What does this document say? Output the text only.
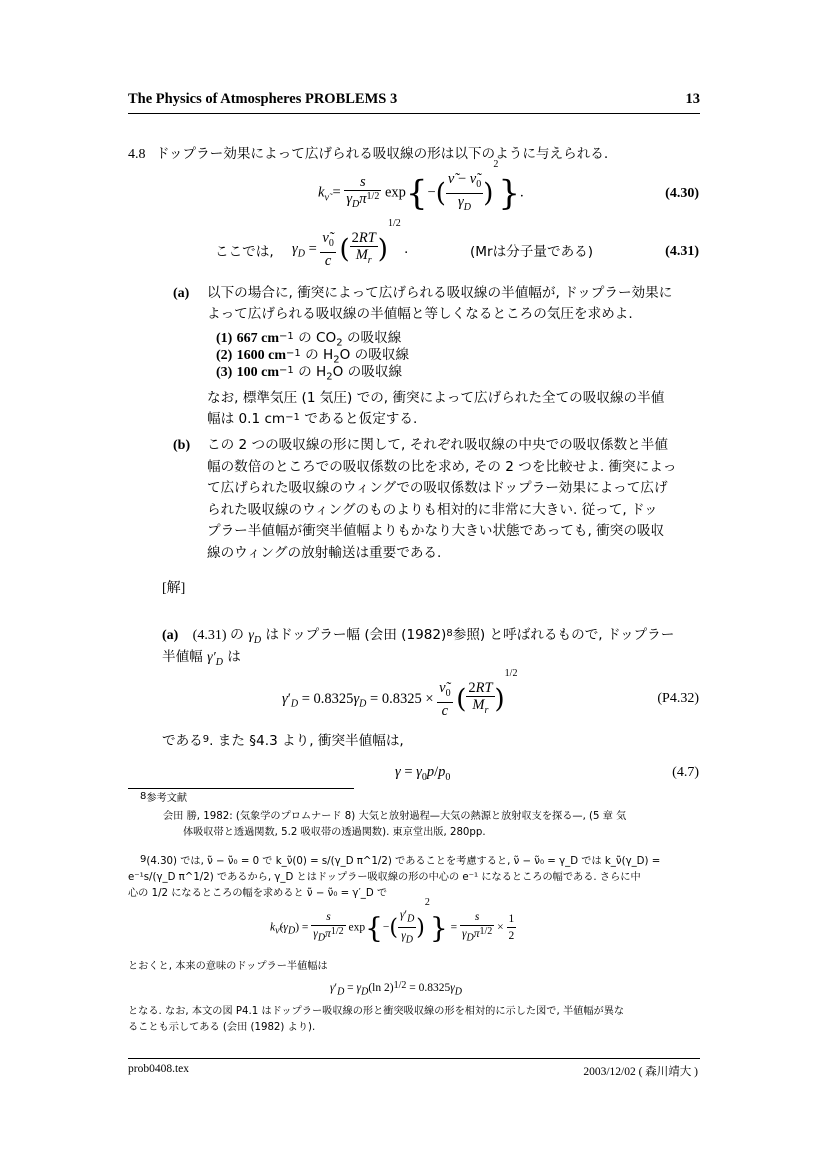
The Physics of Atmospheres PROBLEMS 3	13
4.8 ドップラー効果によって広げられる吸収線の形は以下のように与えられる.
$k_{\nũ} = \frac{s}{\gamma_D\pi^{1/2}} \exp\{-( \frac{\nũ - \nũ_0}{\gamma_D} )^2\}$.	(4.30)
ここでは, $\gamma_D = \frac{\nũ_0}{c}$ ( $\frac{2RT}{M_r} )^{1/2}$ .	(Mrは分子量である)	(4.31)
(a) 以下の場合に, 衝突によって広げられる吸収線の半値幅が, ドップラー効果に
よって広げられる吸収線の半値幅と等しくなるところの気圧を求めよ.
(1) 667 $cm^{-1}$ の $CO_2$ の吸収線
(2) 1600 $cm^{-1}$ の $H_2O$ の吸収線
(3) 100 $cm^{-1}$ の $H_2O$ の吸収線
なお, 標準気圧 (1 気圧) での, 衝突によって広げられた全ての吸収線の半値
幅は 0.1 $cm^{-1}$ であると仮定する.
(b) この 2 つの吸収線の形に関して, それぞれ吸収線の中央での吸収係数と半値
幅の数倍のところでの吸収係数の比を求め, その 2 つを比較せよ. 衝突によっ
て広げられた吸収線のウィングでの吸収係数はドップラー効果によって広げ
られた吸収線のウィングのものよりも相対的に非常に大きい. 従って, ドッ
プラー半値幅が衝突半値幅よりもかなり大きい状態であっても, 衝突の吸収
線のウィングの放射輸送は重要である.
[解]
(a) (4.31) の $\gamma_D$ はドップラー幅 (会田 $(1982)^8$参照) と呼ばれるもので, ドップラー
半値幅 $\gamma'_D$ は
$\gamma'_D = 0.8325\gamma_D = 0.8325 \times \frac{\nũ_0}{c}$ ( $\frac{2RT}{M_r} )^{1/2}$
(P4.32)
である$^9$. また §4.3 より, 衝突半値幅は,
$\gamma = \gamma_0p/p_0$	(4.7)
$^8$参考文献
会田 勝, 1982: (気象学のプロムナード 8) 大気と放射過程—大気の熱源と放射収支を探る—, (5 章 気
体吸収帯と透過関数, 5.2 吸収帯の透過関数). 東京堂出版, 280pp.
$^9$(4.30) では, ν̃ − ν̃₀ = 0 で k_ν̃(0) = s/(γ_D π^1/2) であることを考慮すると, ν̃ − ν̃₀ = γ_D では k_ν̃(γ_D) =
e⁻¹s/(γ_D π^1/2) であるから, γ_D とはドップラー吸収線の形の中心の e⁻¹ になるところの幅である. さらに中
心の 1/2 になるところの幅を求めると ν̃ − ν̃₀ = γ′_D で
$k_{\nũ}(\gamma_D) = \frac{s}{\gamma_D\pi^{1/2}} \exp\{-( \frac{\gamma'_D}{\gamma_D} )^2\} = \frac{s}{\gamma_D\pi^{1/2}} \times \frac{1}{2}$
とおくと, 本来の意味のドップラー半値幅は
$\gamma'_D = \gamma_D(\ln$ $2)^{1/2} = 0.8325\gamma_D$
となる. なお, 本文の図 P4.1 はドップラー吸収線の形と衝突吸収線の形を相対的に示した図で, 半値幅が異な
ることも示してある (会田 (1982) より).
prob0408.tex	2003/12/02 ( 森川靖大 )
